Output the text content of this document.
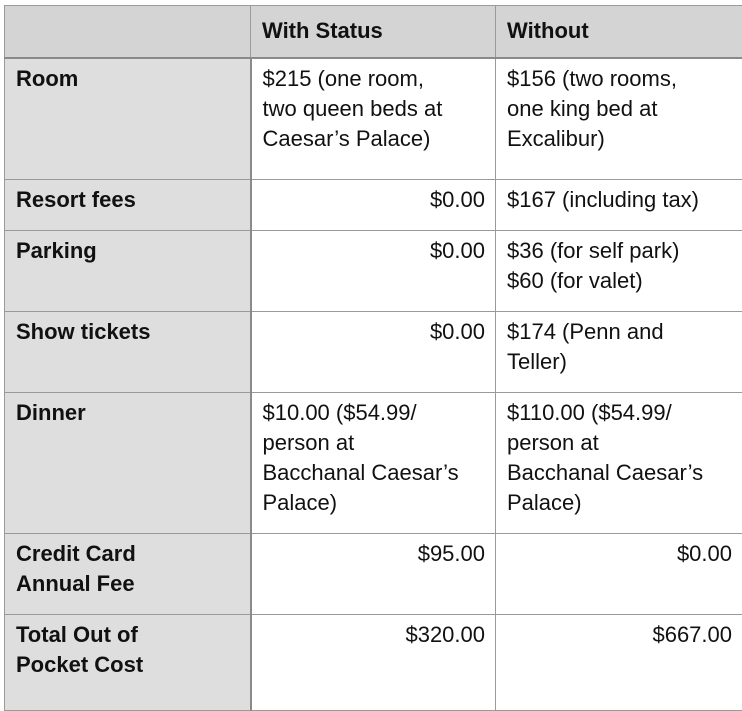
	With Status	Without

Room	$215 (one room,
two queen beds at
Caesar’s Palace)	$156 (two rooms,
one king bed at
Excalibur)

Resort fees	$0.00	$167 (including tax)

Parking	$0.00	$36 (for self park)
$60 (for valet)

Show tickets	$0.00	$174 (Penn and
Teller)

Dinner	$10.00 ($54.99/
person at
Bacchanal Caesar’s
Palace)	$110.00 ($54.99/
person at
Bacchanal Caesar’s
Palace)

Credit Card
Annual Fee	$95.00	$0.00

Total Out of
Pocket Cost	$320.00	$667.00
